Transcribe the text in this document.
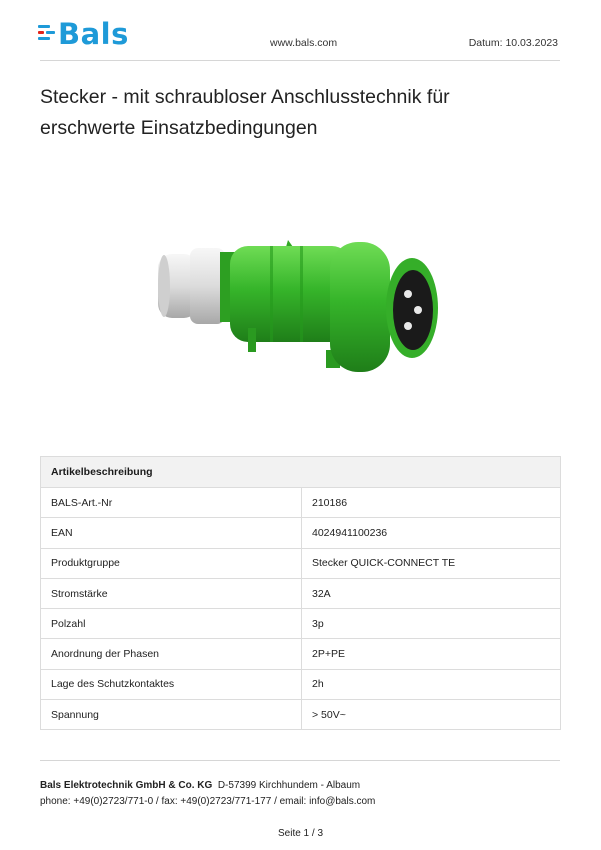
Bals	www.bals.com	Datum: 10.03.2023
Stecker - mit schraubloser Anschlusstechnik für
erschwerte Einsatzbedingungen
Artikelbeschreibung	
BALS-Art.-Nr	210186
EAN	4024941100236
Produktgruppe	Stecker QUICK-CONNECT TE
Stromstärke	32A
Polzahl	3p
Anordnung der Phasen	2P+PE
Lage des Schutzkontaktes	2h
Spannung	> 50V~
Bals Elektrotechnik GmbH & Co. KG D-57399 Kirchhundem - Albaum
phone: +49(0)2723/771-0 / fax: +49(0)2723/771-177 / email: info@bals.com
Seite 1 / 3
